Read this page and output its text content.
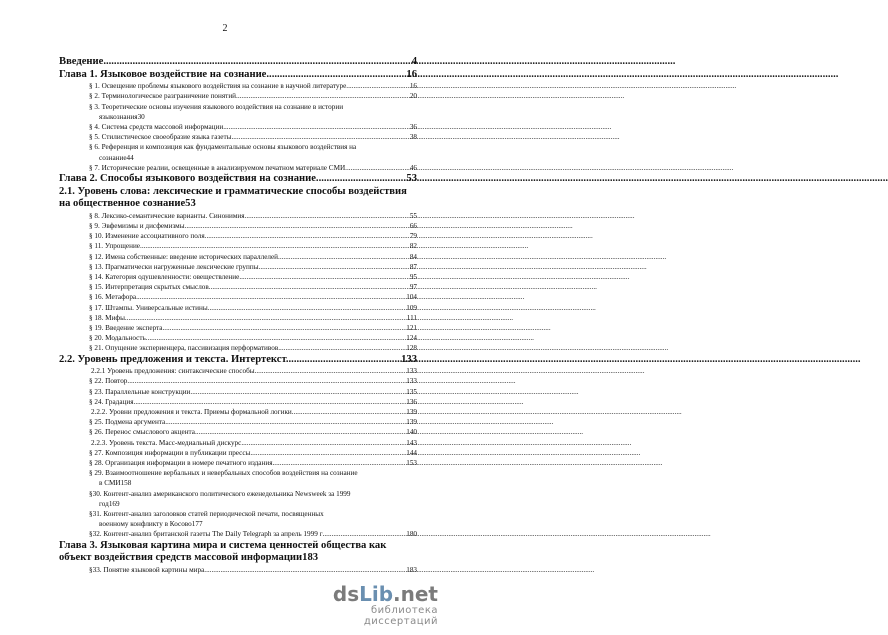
2
Введение .....	4
Глава 1. Языковое воздействие на сознание .....	16
§ 1. Освещение проблемы языкового воздействия на сознание в научной литературе. .....	16
§ 2. Терминологическое разграничение понятий .....	20
§ 3. Теоретические основы изучения языкового воздействия на сознание в истории
языкознания 30
§ 4. Система средств массовой информации .....	36
§ 5. Стилистическое своеобразие языка газеты .....	38
§ 6. Референция и композиция как фундаментальные основы языкового воздействия на
сознание 44
§ 7. Исторические реалии, освещенные в анализируемом печатном материале СМИ .....	46
Глава 2. Способы языкового воздействия на сознание .....	53
2.1. Уровень слова: лексические и грамматические способы воздействия
на общественное сознание 53
§ 8. Лексико-семантические варианты. Синонимия. .....	55
§ 9. Эвфемизмы и дисфемизмы .....	66
§ 10. Изменение ассоциативного поля .....	79
§ 11. Упрощение .....	82
§ 12. Имена собственные: введение исторических параллелей .....	84
§ 13. Прагматически нагруженные лексические группы .....	87
§ 14. Категория одушевленности: овеществление. .....	95
§ 15. Интерпретация скрытых смыслов .....	97
§ 16. Метафора .....	104
§ 17. Штампы. Универсальные истины .....	109
§ 18. Мифы .....	111
§ 19. Введение эксперта .....	121
§ 20. Модальность .....	124
§ 21. Опущение экспериенцера, пассивизация перформативов. .....	128
2.2. Уровень предложения и текста. Интертекст. .....	133
2.2.1 Уровень предложения: синтаксические способы. .....	133
§ 22. Повтор .....	133
§ 23. Параллельные конструкции .....	135
§ 24. Градация. .....	136
2.2.2. Уровни предложения и текста. Приемы формальной логики. .....	139
§ 25. Подмена аргумента .....	139
§ 26. Перенос смыслового акцента .....	140
2.2.3. Уровень текста. Масс-медиальный дискурс. .....	143
§ 27. Композиция информации в публикации прессы. .....	144
§ 28. Организация информации в номере печатного издания. .....	153
§ 29. Взаимоотношение вербальных и невербальных способов воздействия на сознание
в СМИ 158
§30. Контент-анализ американского политического еженедельника Newsweek за 1999
год 169
§31. Контент-анализ заголовков статей периодической печати, посвященных
военному конфликту в Косово 177
§32. Контент-анализ британской газеты The Daily Telegraph за апрель 1999 г .....	180
Глава 3. Языковая картина мира и система ценностей общества как
объект воздействия средств массовой информации 183
§33. Понятие языковой картины мира. .....	183
dsLib.net
библиотека диссертаций
